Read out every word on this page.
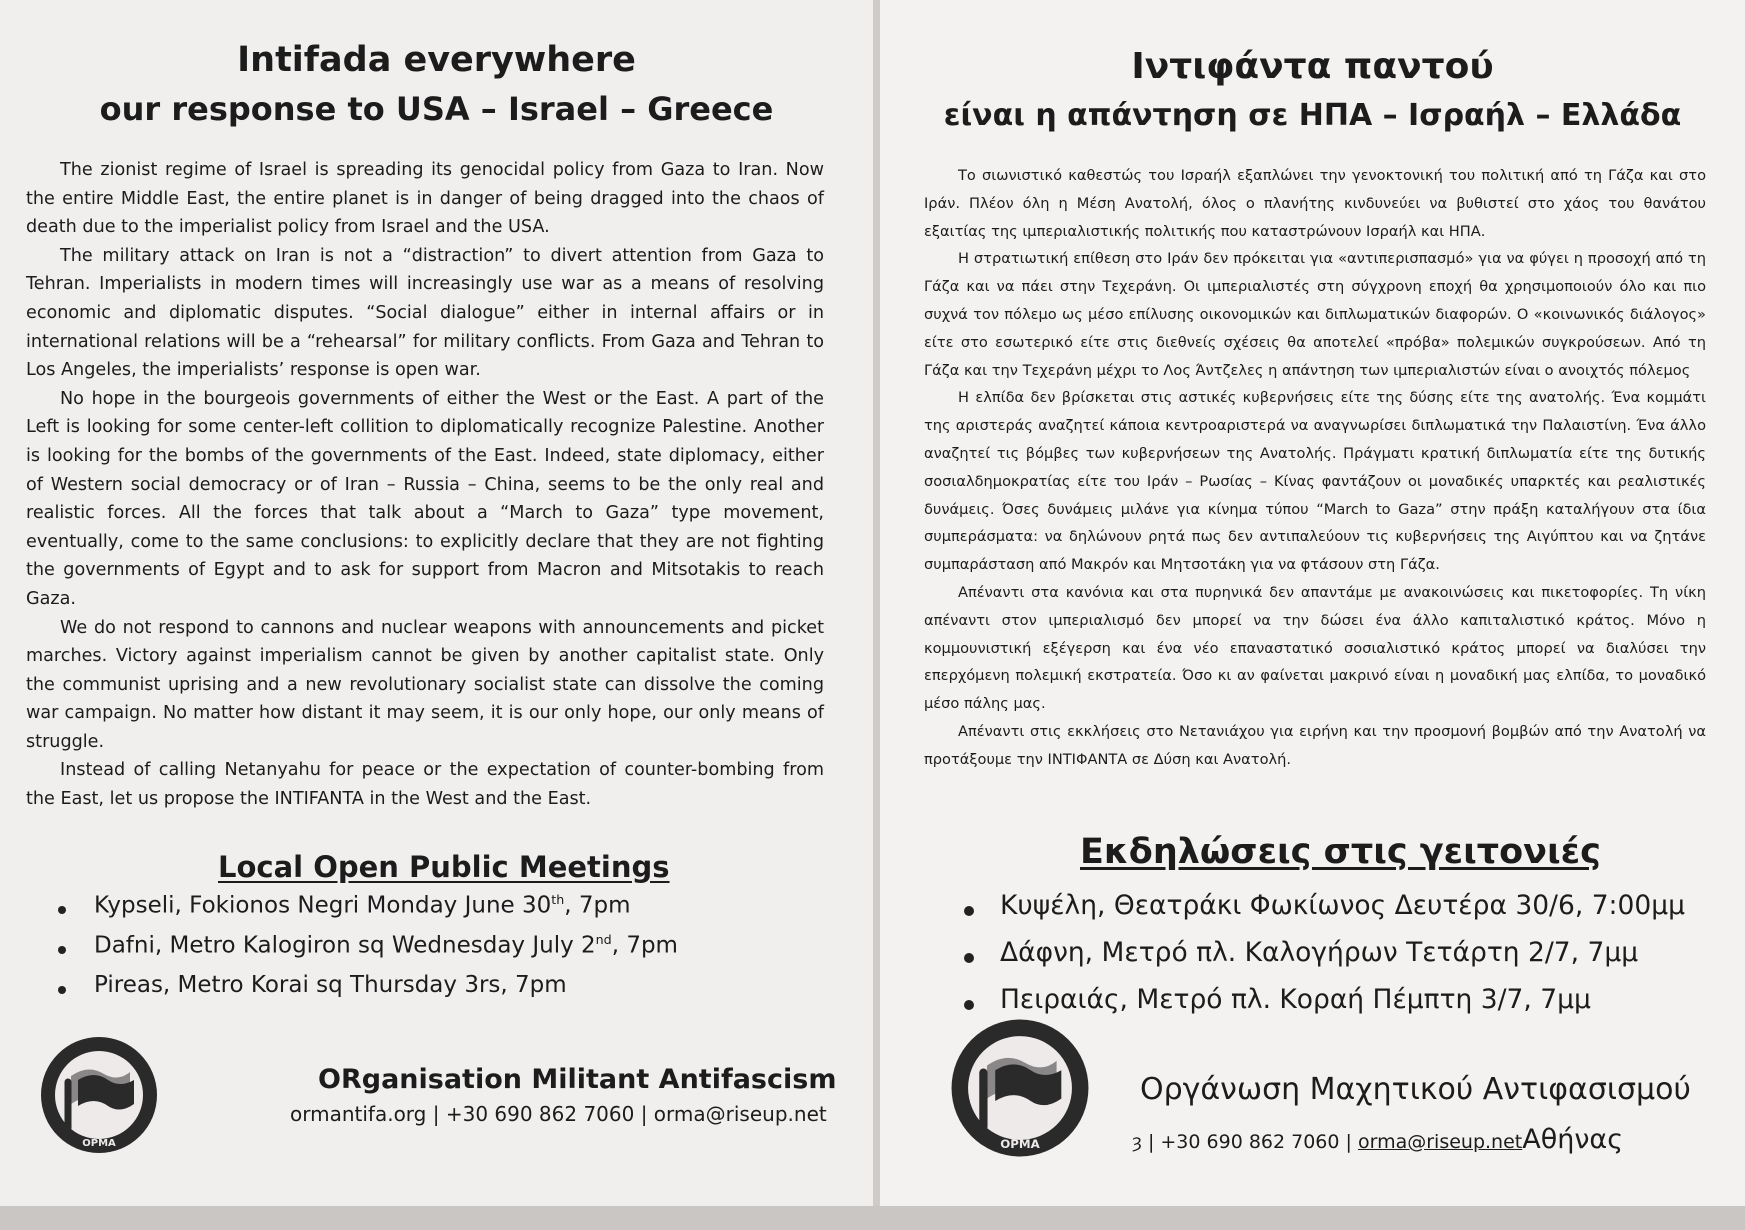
Intifada everywhere
our response to USA – Israel – Greece

The zionist regime of Israel is spreading its genocidal policy from Gaza to Iran. Now the entire Middle East, the entire planet is in danger of being dragged into the chaos of death due to the imperialist policy from Israel and the USA.

The military attack on Iran is not a “distraction” to divert attention from Gaza to Tehran. Imperialists in modern times will increasingly use war as a means of resolving economic and diplomatic disputes. “Social dialogue” either in internal affairs or in international relations will be a “rehearsal” for military conflicts. From Gaza and Tehran to Los Angeles, the imperialists’ response is open war.

No hope in the bourgeois governments of either the West or the East. A part of the Left is looking for some center-left collition to diplomatically recognize Palestine. Another is looking for the bombs of the governments of the East. Indeed, state diplomacy, either of Western social democracy or of Iran – Russia – China, seems to be the only real and realistic forces. All the forces that talk about a “March to Gaza” type movement, eventually, come to the same conclusions: to explicitly declare that they are not fighting the governments of Egypt and to ask for support from Macron and Mitsotakis to reach Gaza.

We do not respond to cannons and nuclear weapons with announcements and picket marches. Victory against imperialism cannot be given by another capitalist state. Only the communist uprising and a new revolutionary socialist state can dissolve the coming war campaign. No matter how distant it may seem, it is our only hope, our only means of struggle.

Instead of calling Netanyahu for peace or the expectation of counter-bombing from the East, let us propose the INTIFANTA in the West and the East.

Local Open Public Meetings
Kypseli, Fokionos Negri Monday June 30th, 7pm
Dafni, Metro Kalogiron sq Wednesday July 2nd, 7pm
Pireas, Metro Korai sq Thursday 3rs, 7pm
ΟΡΜΑ
ORganisation Militant Antifascism
ormantifa.org | +30 690 862 7060 | orma@riseup.net
Ιντιφάντα παντού
είναι η απάντηση σε ΗΠΑ – Ισραήλ – Ελλάδα

Το σιωνιστικό καθεστώς του Ισραήλ εξαπλώνει την γενοκτονική του πολιτική από τη Γάζα και στο Ιράν. Πλέον όλη η Μέση Ανατολή, όλος ο πλανήτης κινδυνεύει να βυθιστεί στο χάος του θανάτου εξαιτίας της ιμπεριαλιστικής πολιτικής που καταστρώνουν Ισραήλ και ΗΠΑ.

Η στρατιωτική επίθεση στο Ιράν δεν πρόκειται για «αντιπερισπασμό» για να φύγει η προσοχή από τη Γάζα και να πάει στην Τεχεράνη. Οι ιμπεριαλιστές στη σύγχρονη εποχή θα χρησιμοποιούν όλο και πιο συχνά τον πόλεμο ως μέσο επίλυσης οικονομικών και διπλωματικών διαφορών. Ο «κοινωνικός διάλογος» είτε στο εσωτερικό είτε στις διεθνείς σχέσεις θα αποτελεί «πρόβα» πολεμικών συγκρούσεων. Από τη Γάζα και την Τεχεράνη μέχρι το Λος Άντζελες η απάντηση των ιμπεριαλιστών είναι ο ανοιχτός πόλεμος

Η ελπίδα δεν βρίσκεται στις αστικές κυβερνήσεις είτε της δύσης είτε της ανατολής. Ένα κομμάτι της αριστεράς αναζητεί κάποια κεντροαριστερά να αναγνωρίσει διπλωματικά την Παλαιστίνη. Ένα άλλο αναζητεί τις βόμβες των κυβερνήσεων της Ανατολής. Πράγματι κρατική διπλωματία είτε της δυτικής σοσιαλδημοκρατίας είτε του Ιράν – Ρωσίας – Κίνας φαντάζουν οι μοναδικές υπαρκτές και ρεαλιστικές δυνάμεις. Όσες δυνάμεις μιλάνε για κίνημα τύπου “March to Gaza” στην πράξη καταλήγουν στα ίδια συμπεράσματα: να δηλώνουν ρητά πως δεν αντιπαλεύουν τις κυβερνήσεις της Αιγύπτου και να ζητάνε συμπαράσταση από Μακρόν και Μητσοτάκη για να φτάσουν στη Γάζα.

Απέναντι στα κανόνια και στα πυρηνικά δεν απαντάμε με ανακοινώσεις και πικετοφορίες. Τη νίκη απέναντι στον ιμπεριαλισμό δεν μπορεί να την δώσει ένα άλλο καπιταλιστικό κράτος. Μόνο η κομμουνιστική εξέγερση και ένα νέο επαναστατικό σοσιαλιστικό κράτος μπορεί να διαλύσει την επερχόμενη πολεμική εκστρατεία. Όσο κι αν φαίνεται μακρινό είναι η μοναδική μας ελπίδα, το μοναδικό μέσο πάλης μας.

Απέναντι στις εκκλήσεις στο Νετανιάχου για ειρήνη και την προσμονή βομβών από την Ανατολή να προτάξουμε την ΙΝΤΙΦΑΝΤΑ σε Δύση και Ανατολή.

Εκδηλώσεις στις γειτονιές
Κυψέλη, Θεατράκι Φωκίωνος Δευτέρα 30/6, 7:00μμ
Δάφνη, Μετρό πλ. Καλογήρων Τετάρτη 2/7, 7μμ
Πειραιάς, Μετρό πλ. Κοραή Πέμπτη 3/7, 7μμ
ΟΡΜΑ
Οργάνωση Μαχητικού Αντιφασισμού
ȝ | +30 690 862 7060 | orma@riseup.netΑθήνας
